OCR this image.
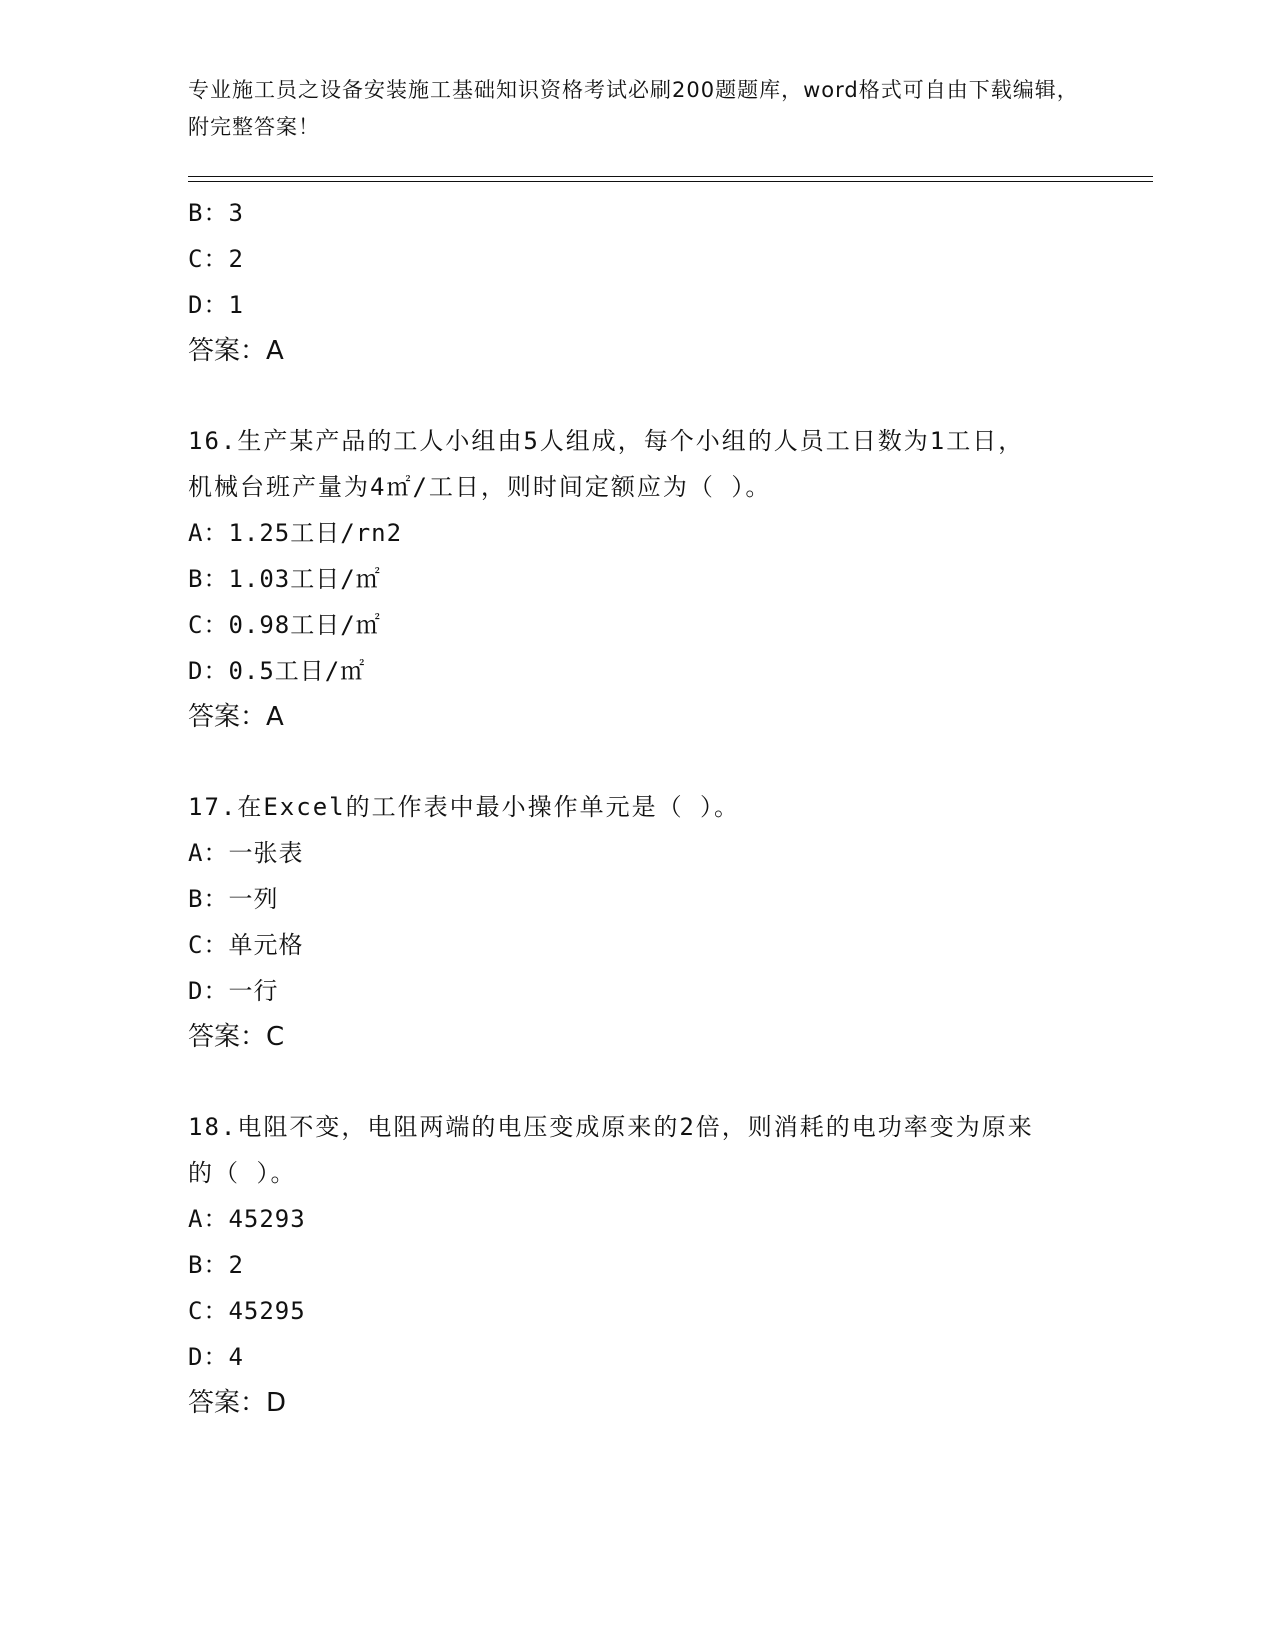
专业施工员之设备安装施工基础知识资格考试必刷200题题库，word格式可自由下载编辑，附完整答案！
B：3
C：2
D：1
答案：A
16.生产某产品的工人小组由5人组成，每个小组的人员工日数为1工日，机械台班产量为4㎡/工日，则时间定额应为（ ）。
A：1.25工日/rn2
B：1.03工日/㎡
C：0.98工日/㎡
D：0.5工日/㎡
答案：A
17.在Excel的工作表中最小操作单元是（ ）。
A：一张表
B：一列
C：单元格
D：一行
答案：C
18.电阻不变，电阻两端的电压变成原来的2倍，则消耗的电功率变为原来的（ ）。
A：45293
B：2
C：45295
D：4
答案：D
